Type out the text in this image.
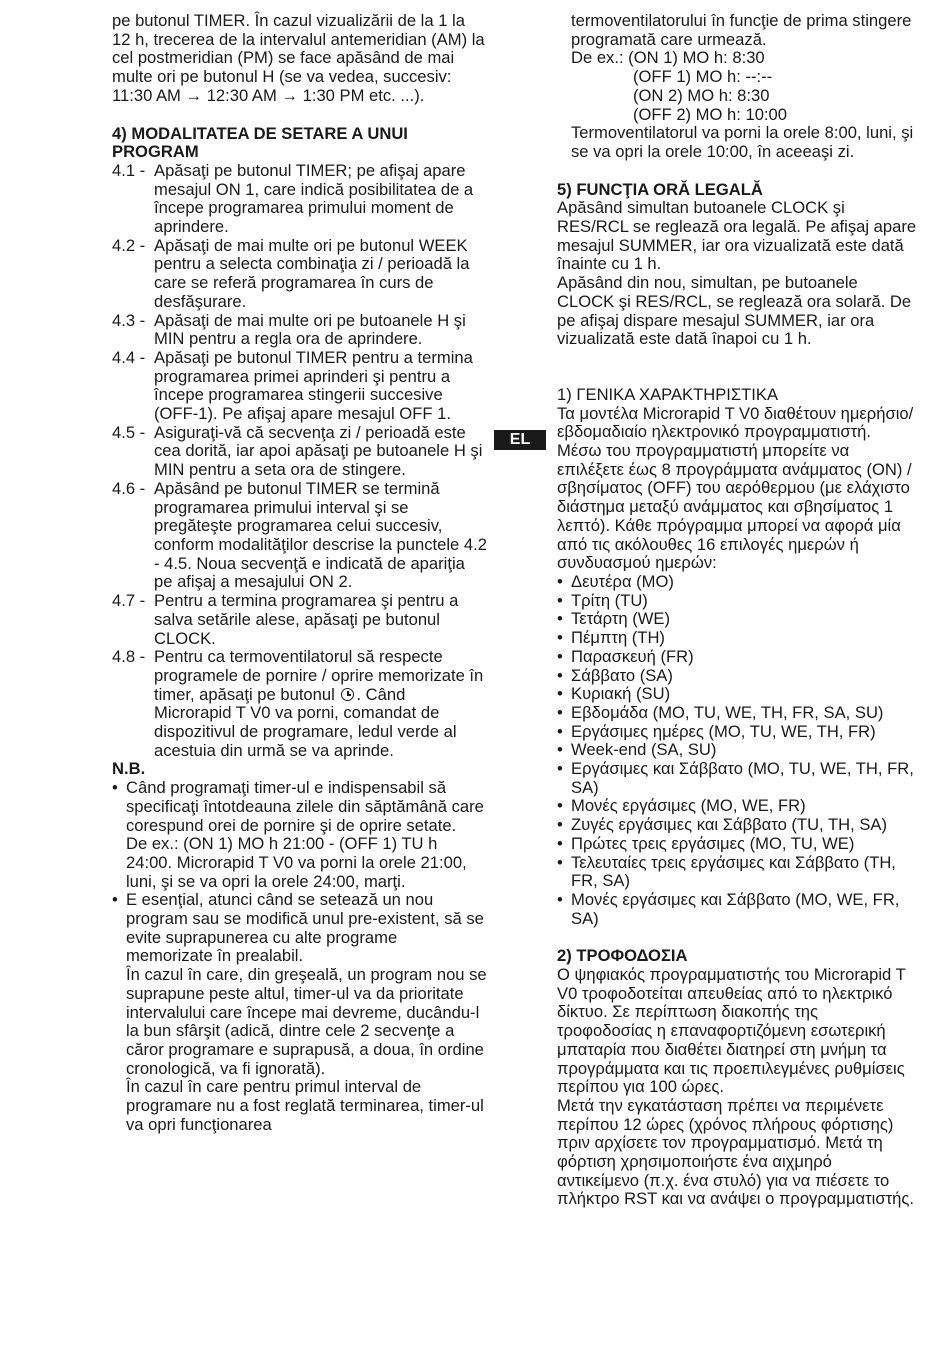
pe butonul TIMER. În cazul vizualizării de la 1 la 12 h, trecerea de la intervalul antemeridian (AM) la cel postmeridian (PM) se face apăsând de mai multe ori pe butonul H (se va vedea, succesiv: 11:30 AM → 12:30 AM → 1:30 PM etc. ...).

4) MODALITATEA DE SETARE A UNUI PROGRAM

4.1 - Apăsaţi pe butonul TIMER; pe afişaj apare mesajul ON 1, care indică posibilitatea de a începe programarea primului moment de aprindere.
4.2 - Apăsaţi de mai multe ori pe butonul WEEK pentru a selecta combinaţia zi / perioadă la care se referă programarea în curs de desfăşurare.
4.3 - Apăsaţi de mai multe ori pe butoanele H şi MIN pentru a regla ora de aprindere.
4.4 - Apăsaţi pe butonul TIMER pentru a termina programarea primei aprinderi şi pentru a începe programarea stingerii succesive (OFF-1). Pe afişaj apare mesajul OFF 1.
4.5 - Asiguraţi-vă că secvenţa zi / perioadă este cea dorită, iar apoi apăsaţi pe butoanele H şi MIN pentru a seta ora de stingere.
4.6 - Apăsând pe butonul TIMER se termină programarea primului interval şi se pregăteşte programarea celui succesiv, conform modalităţilor descrise la punctele 4.2 - 4.5. Noua secvenţă e indicată de apariţia pe afişaj a mesajului ON 2.
4.7 - Pentru a termina programarea şi pentru a salva setările alese, apăsaţi pe butonul CLOCK.
4.8 - Pentru ca termoventilatorul să respecte programele de pornire / oprire memorizate în timer, apăsaţi pe butonul . Când Microrapid T V0 va porni, comandat de dispozitivul de programare, ledul verde al acestuia din urmă se va aprinde.

N.B.

• Când programaţi timer-ul e indispensabil să specificaţi întotdeauna zilele din săptămână care corespund orei de pornire şi de oprire setate.

De ex.: (ON 1) MO h 21:00 - (OFF 1) TU h 24:00. Microrapid T V0 va porni la orele 21:00, luni, şi se va opri la orele 24:00, marţi.

• E esenţial, atunci când se setează un nou program sau se modifică unul pre-existent, să se evite suprapunerea cu alte programe memorizate în prealabil.

În cazul în care, din greşeală, un program nou se suprapune peste altul, timer-ul va da prioritate intervalului care începe mai devreme, ducându-l la bun sfârşit (adică, dintre cele 2 secvenţe a căror programare e suprapusă, a doua, în ordine cronologică, va fi ignorată).

În cazul în care pentru primul interval de programare nu a fost reglată terminarea, timer-ul va opri funcţionarea

termoventilatorului în funcţie de prima stingere programată care urmează.

De ex.: (ON 1) MO h: 8:30

(OFF 1) MO h: --:--

(ON 2) MO h: 8:30

(OFF 2) MO h: 10:00

Termoventilatorul va porni la orele 8:00, luni, şi se va opri la orele 10:00, în aceeaşi zi.

5) FUNCŢIA ORĂ LEGALĂ

Apăsând simultan butoanele CLOCK şi RES/RCL se reglează ora legală. Pe afişaj apare mesajul SUMMER, iar ora vizualizată este dată înainte cu 1 h.

Apăsând din nou, simultan, pe butoanele CLOCK şi RES/RCL, se reglează ora solară. De pe afişaj dispare mesajul SUMMER, iar ora vizualizată este dată înapoi cu 1 h.

1) ΓΕΝΙΚΑ ΧΑΡΑΚΤΗΡΙΣΤΙΚΑ

Τα μοντέλα Microrapid T V0 διαθέτουν ημερήσιο/εβδομαδιαίο ηλεκτρονικό προγραμματιστή.

Μέσω του προγραμματιστή μπορείτε να επιλέξετε έως 8 προγράμματα ανάμματος (ON) / σβησίματος (OFF) του αερόθερμου (με ελάχιστο διάστημα μεταξύ ανάμματος και σβησίματος 1 λεπτό). Κάθε πρόγραμμα μπορεί να αφορά μία από τις ακόλουθες 16 επιλογές ημερών ή συνδυασμού ημερών:

• Δευτέρα (MO)
• Τρίτη (TU)
• Τετάρτη (WE)
• Πέμπτη (TH)
• Παρασκευή (FR)
• Σάββατο (SA)
• Κυριακή (SU)
• Εβδομάδα (MO, TU, WE, TH, FR, SA, SU)
• Εργάσιμες ημέρες (MO, TU, WE, TH, FR)
• Week-end (SA, SU)
• Εργάσιμες και Σάββατο (MO, TU, WE, TH, FR, SA)
• Μονές εργάσιμες (MO, WE, FR)
• Ζυγές εργάσιμες και Σάββατο (TU, TH, SA)
• Πρώτες τρεις εργάσιμες (MO, TU, WE)
• Τελευταίες τρεις εργάσιμες και Σάββατο (TH, FR, SA)
• Μονές εργάσιμες και Σάββατο (MO, WE, FR, SA)

2) ΤΡΟΦΟΔΟΣΙΑ

Ο ψηφιακός προγραμματιστής του Microrapid T V0 τροφοδοτείται απευθείας από το ηλεκτρικό δίκτυο. Σε περίπτωση διακοπής της τροφοδοσίας η επαναφορτιζόμενη εσωτερική μπαταρία που διαθέτει διατηρεί στη μνήμη τα προγράμματα και τις προεπιλεγμένες ρυθμίσεις περίπου για 100 ώρες.

Μετά την εγκατάσταση πρέπει να περιμένετε περίπου 12 ώρες (χρόνος πλήρους φόρτισης) πριν αρχίσετε τον προγραμματισμό. Μετά τη φόρτιση χρησιμοποιήστε ένα αιχμηρό αντικείμενο (π.χ. ένα στυλό) για να πιέσετε το πλήκτρο RST και να ανάψει ο προγραμματιστής.

EL
